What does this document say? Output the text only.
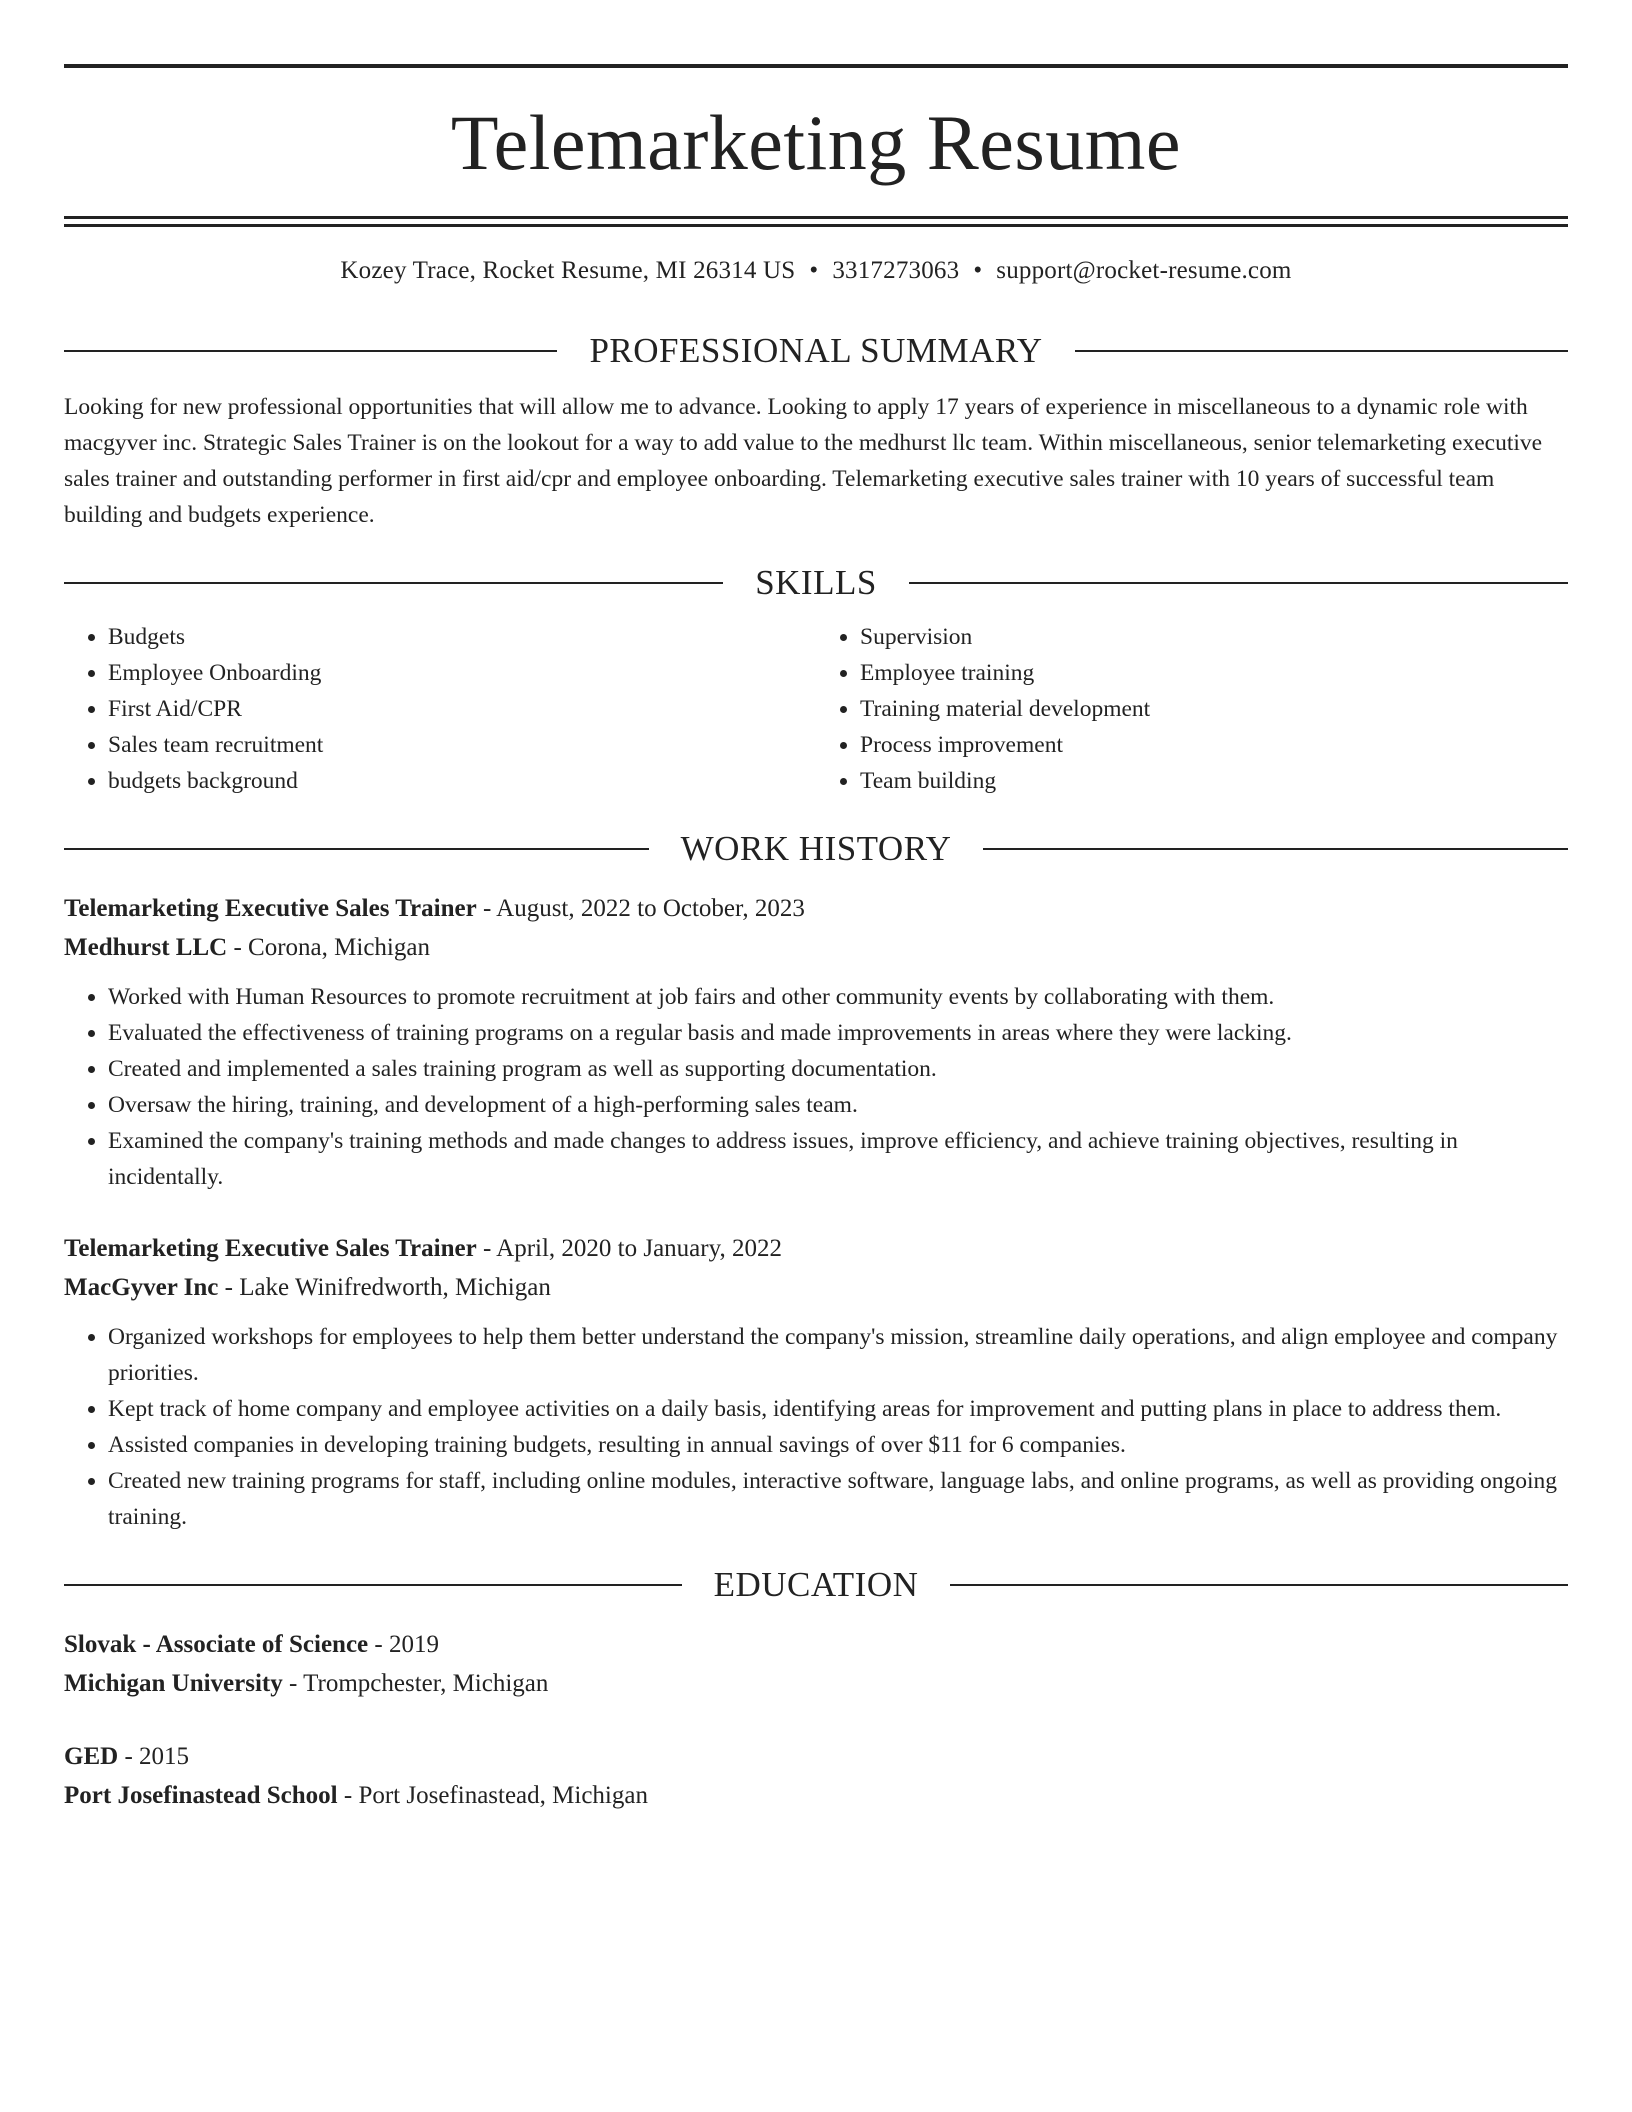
Telemarketing Resume
Kozey Trace, Rocket Resume, MI 26314 US • 3317273063 • support@rocket-resume.com
PROFESSIONAL SUMMARY
Looking for new professional opportunities that will allow me to advance. Looking to apply 17 years of experience in miscellaneous to a dynamic role with macgyver inc. Strategic Sales Trainer is on the lookout for a way to add value to the medhurst llc team. Within miscellaneous, senior telemarketing executive sales trainer and outstanding performer in first aid/cpr and employee onboarding. Telemarketing executive sales trainer with 10 years of successful team building and budgets experience.
SKILLS
• Budgets
• Employee Onboarding
• First Aid/CPR
• Sales team recruitment
• budgets background
• Supervision
• Employee training
• Training material development
• Process improvement
• Team building
WORK HISTORY
Telemarketing Executive Sales Trainer - August, 2022 to October, 2023
Medhurst LLC - Corona, Michigan
• Worked with Human Resources to promote recruitment at job fairs and other community events by collaborating with them.
• Evaluated the effectiveness of training programs on a regular basis and made improvements in areas where they were lacking.
• Created and implemented a sales training program as well as supporting documentation.
• Oversaw the hiring, training, and development of a high-performing sales team.
• Examined the company's training methods and made changes to address issues, improve efficiency, and achieve training objectives, resulting in incidentally.
Telemarketing Executive Sales Trainer - April, 2020 to January, 2022
MacGyver Inc - Lake Winifredworth, Michigan
• Organized workshops for employees to help them better understand the company's mission, streamline daily operations, and align employee and company priorities.
• Kept track of home company and employee activities on a daily basis, identifying areas for improvement and putting plans in place to address them.
• Assisted companies in developing training budgets, resulting in annual savings of over $11 for 6 companies.
• Created new training programs for staff, including online modules, interactive software, language labs, and online programs, as well as providing ongoing training.
EDUCATION
Slovak - Associate of Science - 2019
Michigan University - Trompchester, Michigan
GED - 2015
Port Josefinastead School - Port Josefinastead, Michigan
